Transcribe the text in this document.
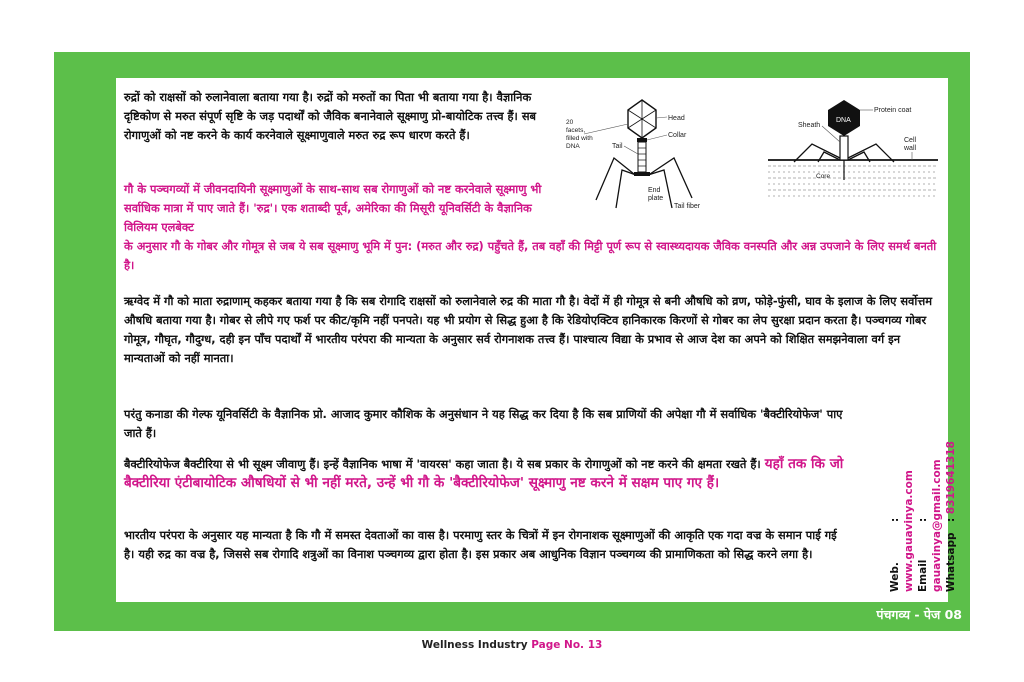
रुद्रों को राक्षसों को रुलानेवाला बताया गया है। रुद्रों को मरुतों का पिता भी बताया गया है। वैज्ञानिक दृष्टिकोण से मरुत संपूर्ण सृष्टि के जड़ पदार्थों को जैविक बनानेवाले सूक्ष्माणु प्रो-बायोटिक तत्त्व हैं। सब रोगाणुओं को नष्ट करने के कार्य करनेवाले सूक्ष्माणुवाले मरुत रुद्र रूप धारण करते हैं।

20
facets,
filled with
DNA
Head
Collar
Tail
End
plate
Tail fiber
DNA
Sheath
Protein coat
Cell
wall
Core

गौ के पञ्चगव्यों में जीवनदायिनी सूक्ष्माणुओं के साथ-साथ सब रोगाणुओं को नष्ट करनेवाले सूक्ष्माणु भी सर्वाधिक मात्रा में पाए जाते हैं। 'रुद्र'। एक शताब्दी पूर्व, अमेरिका की मिसूरी यूनिवर्सिटी के वैज्ञानिक विलियम एलबेक्ट

के अनुसार गौ के गोबर और गोमूत्र से जब ये सब सूक्ष्माणु भूमि में पुन: (मरुत और रुद्र) पहुँचते हैं, तब वहाँ की मिट्टी पूर्ण रूप से स्वास्थ्यदायक जैविक वनस्पति और अन्न उपजाने के लिए समर्थ बनती है।

ऋग्वेद में गौ को माता रुद्राणाम् कहकर बताया गया है कि सब रोगादि राक्षसों को रुलानेवाले रुद्र की माता गौ है। वेदों में ही गोमूत्र से बनी औषधि को व्रण, फोड़े-फुंसी, घाव के इलाज के लिए सर्वोत्तम औषधि बताया गया है। गोबर से लीपे गए फर्श पर कीट/कृमि नहीं पनपते। यह भी प्रयोग से सिद्ध हुआ है कि रेडियोएक्टिव हानिकारक किरणों से गोबर का लेप सुरक्षा प्रदान करता है। पञ्चगव्य गोबर गोमूत्र, गौघृत, गौदुग्ध, दही इन पाँच पदार्थों में भारतीय परंपरा की मान्यता के अनुसार सर्व रोगनाशक तत्त्व हैं। पाश्चात्य विद्या के प्रभाव से आज देश का अपने को शिक्षित समझनेवाला वर्ग इन मान्यताओं को नहीं मानता।

परंतु कनाडा की गेल्फ यूनिवर्सिटी के वैज्ञानिक प्रो. आजाद कुमार कौशिक के अनुसंधान ने यह सिद्ध कर दिया है कि सब प्राणियों की अपेक्षा गौ में सर्वाधिक 'बैक्टीरियोफेज' पाए जाते हैं।

बैक्टीरियोफेज बैक्टीरिया से भी सूक्ष्म जीवाणु हैं। इन्हें वैज्ञानिक भाषा में 'वायरस' कहा जाता है। ये सब प्रकार के रोगाणुओं को नष्ट करने की क्षमता रखते हैं। यहाँ तक कि जो बैक्टीरिया एंटीबायोटिक औषधियों से भी नहीं मरते, उन्हें भी गौ के 'बैक्टीरियोफेज' सूक्ष्माणु नष्ट करने में सक्षम पाए गए हैं।

भारतीय परंपरा के अनुसार यह मान्यता है कि गौ में समस्त देवताओं का वास है। परमाणु स्तर के चित्रों में इन रोगनाशक सूक्ष्माणुओं की आकृति एक गदा वज्र के समान पाई गई है। यही रुद्र का वज्र है, जिससे सब रोगादि शत्रुओं का विनाश पञ्चगव्य द्वारा होता है। इस प्रकार अब आधुनिक विज्ञान पञ्चगव्य की प्रामाणिकता को सिद्ध करने लगा है।

Web.: www.gauavinya.com Email: gauavinya@gmail.com Whatsapp: 8319641318
पंचगव्य - पेज 08
Wellness Industry Page No. 13
